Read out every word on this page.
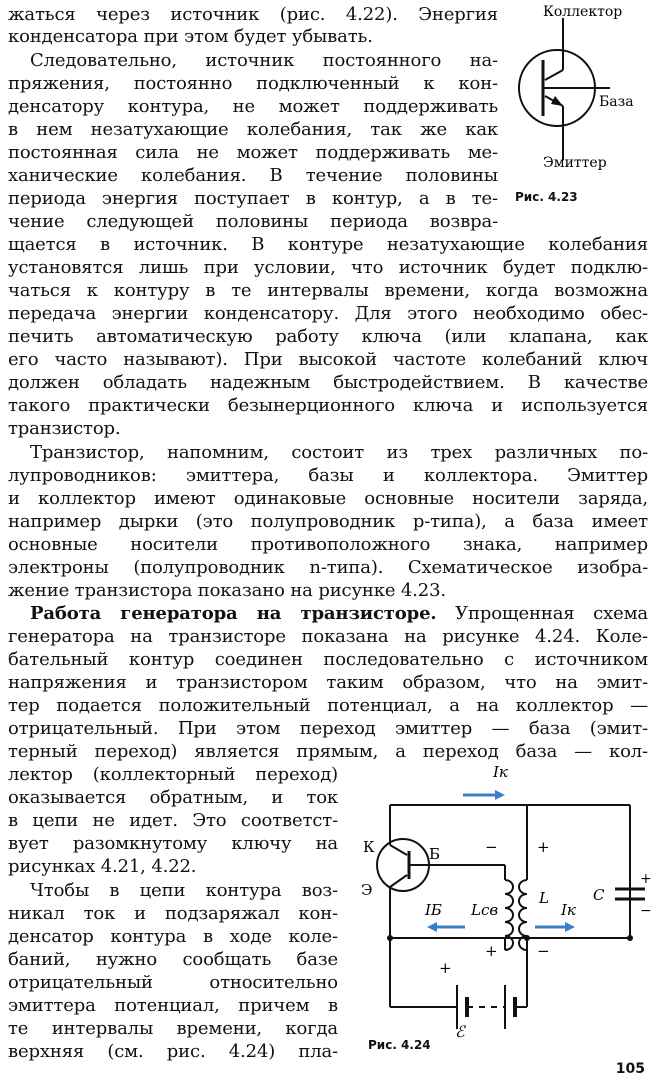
жаться через источник (рис. 4.22). Энергия
конденсатора при этом будет убывать.
Следовательно, источник постоянного на-
пряжения, постоянно подключенный к кон-
денсатору контура, не может поддерживать
в нем незатухающие колебания, так же как
постоянная сила не может поддерживать ме-
ханические колебания. В течение половины
периода энергия поступает в контур, а в те-
чение следующей половины периода возвра-
щается в источник. В контуре незатухающие колебания
установятся лишь при условии, что источник будет подклю-
чаться к контуру в те интервалы времени, когда возможна
передача энергии конденсатору. Для этого необходимо обес-
печить автоматическую работу ключа (или клапана, как
его часто называют). При высокой частоте колебаний ключ
должен обладать надежным быстродействием. В качестве
такого практически безынерционного ключа и используется
транзистор.
Транзистор, напомним, состоит из трех различных по-
лупроводников: эмиттера, базы и коллектора. Эмиттер
и коллектор имеют одинаковые основные носители заряда,
например дырки (это полупроводник p-типа), а база имеет
основные носители противоположного знака, например
электроны (полупроводник n-типа). Схематическое изобра-
жение транзистора показано на рисунке 4.23.
Работа генератора на транзисторе. Упрощенная схема
генератора на транзисторе показана на рисунке 4.24. Коле-
бательный контур соединен последовательно с источником
напряжения и транзистором таким образом, что на эмит-
тер подается положительный потенциал, а на коллектор —
отрицательный. При этом переход эмиттер — база (эмит-
терный переход) является прямым, а переход база — кол-
лектор (коллекторный переход)
оказывается обратным, и ток
в цепи не идет. Это соответст-
вует разомкнутому ключу на
рисунках 4.21, 4.22.
Чтобы в цепи контура воз-
никал ток и подзаряжал кон-
денсатор контура в ходе коле-
баний, нужно сообщать базе
отрицательный относительно
эмиттера потенциал, причем в
те интервалы времени, когда
верхняя (см. рис. 4.24) пла-
Коллектор
База
Эмиттер
Рис. 4.23
Iк
К	Б
Э
−	+
Lсв
L	C
+
−
IБ	Iк
+	−
+
ℰ
Рис. 4.24
105
